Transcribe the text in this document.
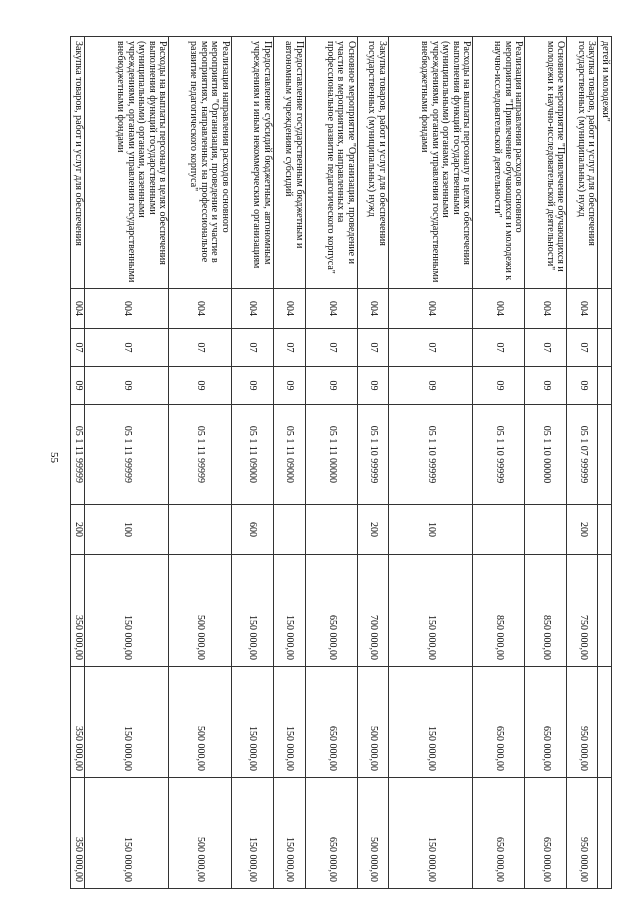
55
детей и молодежи"								
Закупка товаров, работ и услуг для обеспечения государственных (муниципальных) нужд	004	07	09	05 1 07 99999	200	750 000,00	950 000,00	950 000,00
Основное мероприятие "Привлечение обучающихся и молодежи к научно-исследовательской деятельности"	004	07	09	05 1 10 00000		850 000,00	650 000,00	650 000,00
Реализация направления расходов основного мероприятия "Привлечение обучающихся и молодежи к научно-исследовательской деятельности"	004	07	09	05 1 10 99999		850 000,00	650 000,00	650 000,00
Расходы на выплаты персоналу в целях обеспечения выполнения функций государственными (муниципальными) органами, казенными учреждениями, органами управления государственными внебюджетными фондами	004	07	09	05 1 10 99999	100	150 000,00	150 000,00	150 000,00
Закупка товаров, работ и услуг для обеспечения государственных (муниципальных) нужд	004	07	09	05 1 10 99999	200	700 000,00	500 000,00	500 000,00
Основное мероприятие "Организация, проведение и участие в мероприятиях, направленных на профессиональное развитие педагогического корпуса"	004	07	09	05 1 11 00000		650 000,00	650 000,00	650 000,00
Предоставление государственным бюджетным и автономным учреждениям субсидий	004	07	09	05 1 11 09000		150 000,00	150 000,00	150 000,00
Предоставление субсидий бюджетным, автономным учреждениям и иным некоммерческим организациям	004	07	09	05 1 11 09000	600	150 000,00	150 000,00	150 000,00
Реализация направления расходов основного мероприятия "Организация, проведение и участие в мероприятиях, направленных на профессиональное развитие педагогического корпуса"	004	07	09	05 1 11 99999		500 000,00	500 000,00	500 000,00
Расходы на выплаты персоналу в целях обеспечения выполнения функций государственными (муниципальными) органами, казенными учреждениями, органами управления государственными внебюджетными фондами	004	07	09	05 1 11 99999	100	150 000,00	150 000,00	150 000,00
Закупка товаров, работ и услуг для обеспечения	004	07	09	05 1 11 99999	200	350 000,00	350 000,00	350 000,00
